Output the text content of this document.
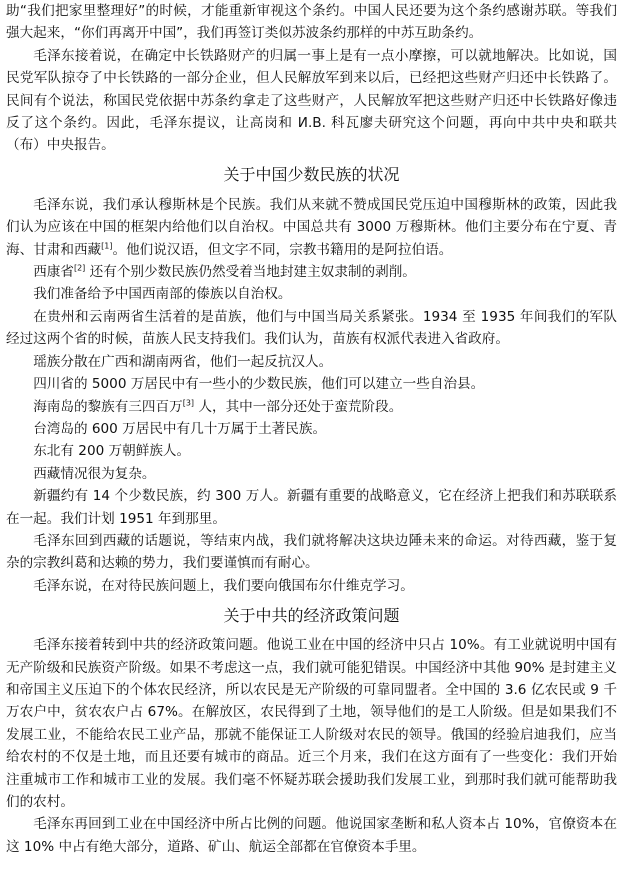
助“我们把家里整理好”的时候，才能重新审视这个条约。中国人民还要为这个条约感谢苏联。等我们强大起来，“你们再离开中国”，我们再签订类似苏波条约那样的中苏互助条约。

毛泽东接着说，在确定中长铁路财产的归属一事上是有一点小摩擦，可以就地解决。比如说，国民党军队掠夺了中长铁路的一部分企业，但人民解放军到来以后，已经把这些财产归还中长铁路了。民间有个说法，称国民党依据中苏条约拿走了这些财产，人民解放军把这些财产归还中长铁路好像违反了这个条约。因此，毛泽东提议，让高岗和 И.В. 科瓦廖夫研究这个问题，再向中共中央和联共（布）中央报告。

关于中国少数民族的状况

毛泽东说，我们承认穆斯林是个民族。我们从来就不赞成国民党压迫中国穆斯林的政策，因此我们认为应该在中国的框架内给他们以自治权。中国总共有 3000 万穆斯林。他们主要分布在宁夏、青海、甘肃和西藏[1]。他们说汉语，但文字不同，宗教书籍用的是阿拉伯语。

西康省[2] 还有个别少数民族仍然受着当地封建主奴隶制的剥削。

我们准备给予中国西南部的傣族以自治权。

在贵州和云南两省生活着的是苗族，他们与中国当局关系紧张。1934 至 1935 年间我们的军队经过这两个省的时候，苗族人民支持我们。我们认为，苗族有权派代表进入省政府。

瑶族分散在广西和湖南两省，他们一起反抗汉人。

四川省的 5000 万居民中有一些小的少数民族，他们可以建立一些自治县。

海南岛的黎族有三四百万[3] 人，其中一部分还处于蛮荒阶段。

台湾岛的 600 万居民中有几十万属于土著民族。

东北有 200 万朝鲜族人。

西藏情况很为复杂。

新疆约有 14 个少数民族，约 300 万人。新疆有重要的战略意义，它在经济上把我们和苏联联系在一起。我们计划 1951 年到那里。

毛泽东回到西藏的话题说，等结束内战，我们就将解决这块边陲未来的命运。对待西藏，鉴于复杂的宗教纠葛和达赖的势力，我们要谨慎而有耐心。

毛泽东说，在对待民族问题上，我们要向俄国布尔什维克学习。

关于中共的经济政策问题

毛泽东接着转到中共的经济政策问题。他说工业在中国的经济中只占 10%。有工业就说明中国有无产阶级和民族资产阶级。如果不考虑这一点，我们就可能犯错误。中国经济中其他 90% 是封建主义和帝国主义压迫下的个体农民经济，所以农民是无产阶级的可靠同盟者。全中国的 3.6 亿农民或 9 千万农户中，贫农农户占 67%。在解放区，农民得到了土地，领导他们的是工人阶级。但是如果我们不发展工业，不能给农民工业产品，那就不能保证工人阶级对农民的领导。俄国的经验启迪我们，应当给农村的不仅是土地，而且还要有城市的商品。近三个月来，我们在这方面有了一些变化：我们开始注重城市工作和城市工业的发展。我们毫不怀疑苏联会援助我们发展工业，到那时我们就可能帮助我们的农村。

毛泽东再回到工业在中国经济中所占比例的问题。他说国家垄断和私人资本占 10%，官僚资本在这 10% 中占有绝大部分，道路、矿山、航运全部都在官僚资本手里。
